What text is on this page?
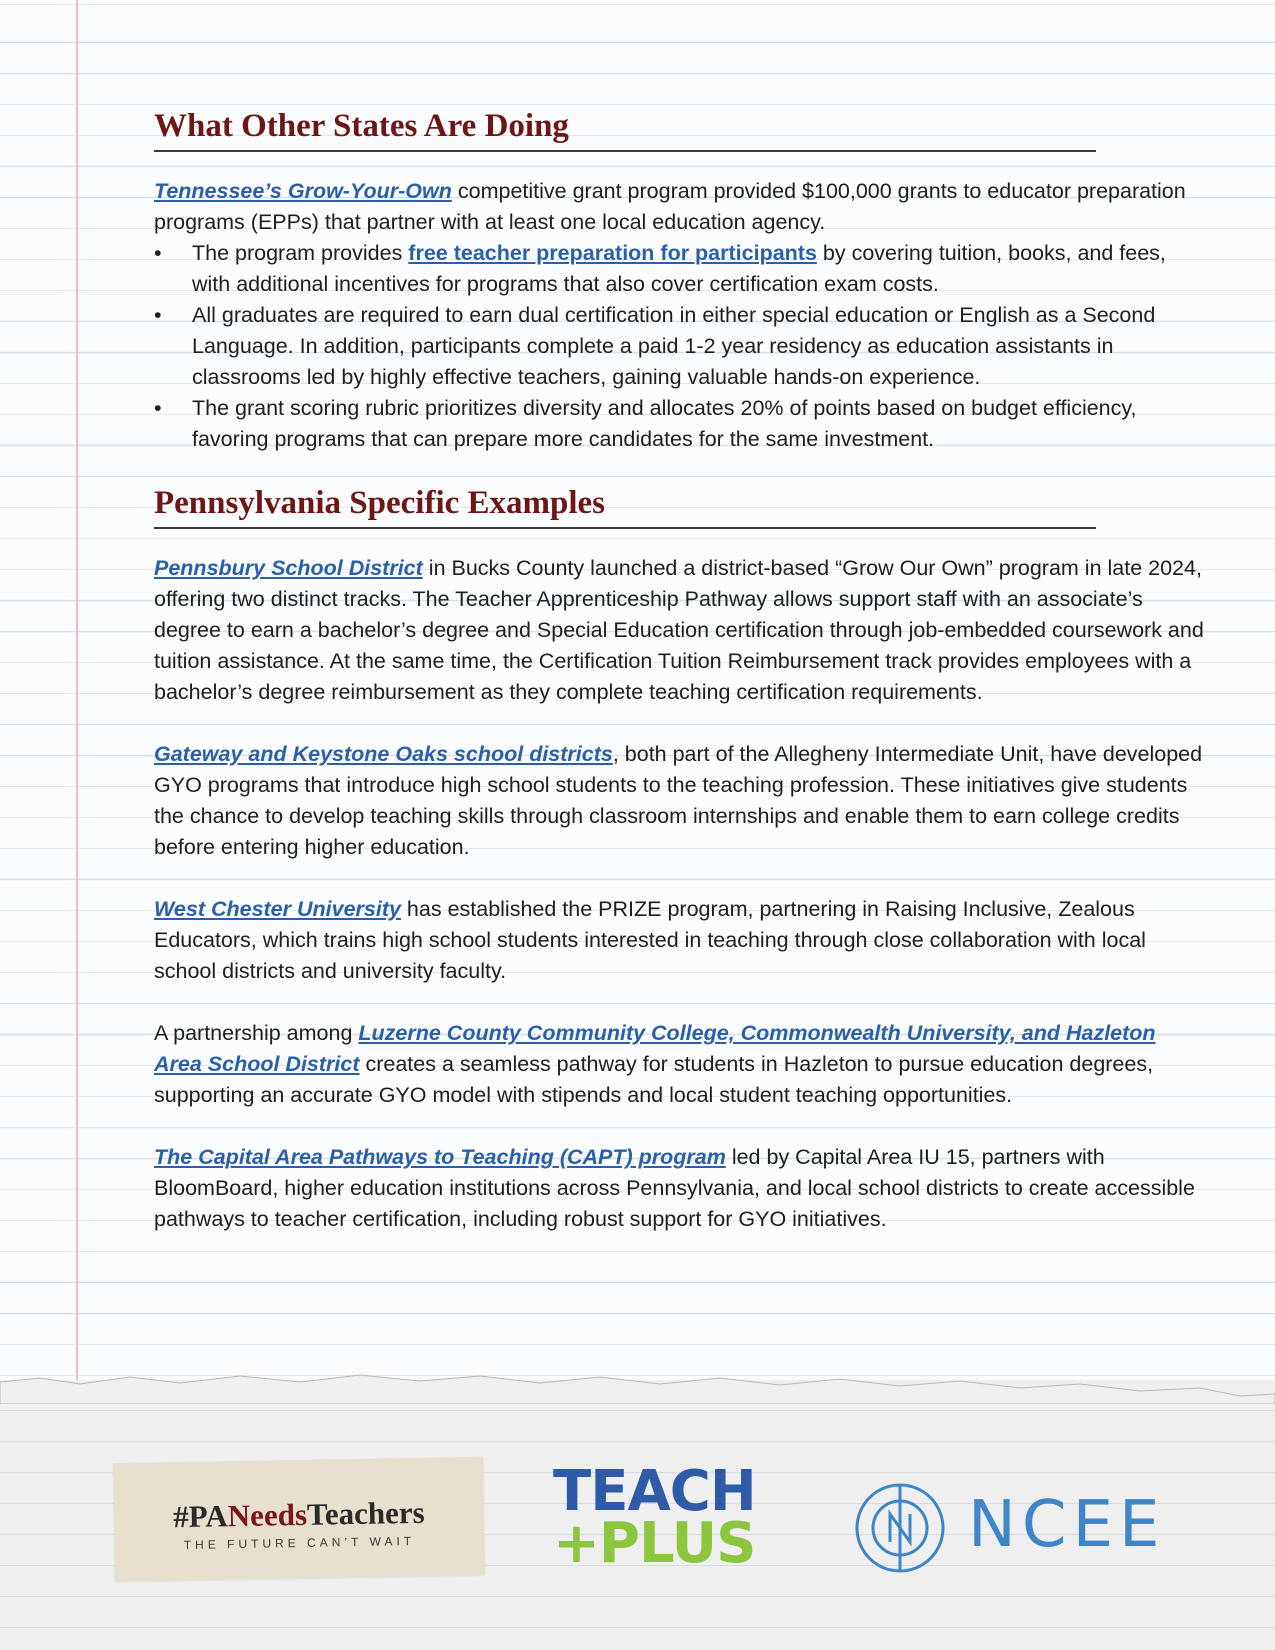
What Other States Are Doing

Tennessee’s Grow-Your-Own competitive grant program provided $100,000 grants to educator preparation programs (EPPs) that partner with at least one local education agency.

• The program provides free teacher preparation for participants by covering tuition, books, and fees, with additional incentives for programs that also cover certification exam costs.
• All graduates are required to earn dual certification in either special education or English as a Second Language. In addition, participants complete a paid 1-2 year residency as education assistants in classrooms led by highly effective teachers, gaining valuable hands-on experience.
• The grant scoring rubric prioritizes diversity and allocates 20% of points based on budget efficiency, favoring programs that can prepare more candidates for the same investment.
Pennsylvania Specific Examples

Pennsbury School District in Bucks County launched a district-based “Grow Our Own” program in late 2024, offering two distinct tracks. The Teacher Apprenticeship Pathway allows support staff with an associate’s degree to earn a bachelor’s degree and Special Education certification through job-embedded coursework and tuition assistance. At the same time, the Certification Tuition Reimbursement track provides employees with a bachelor’s degree reimbursement as they complete teaching certification requirements.

Gateway and Keystone Oaks school districts, both part of the Allegheny Intermediate Unit, have developed GYO programs that introduce high school students to the teaching profession. These initiatives give students the chance to develop teaching skills through classroom internships and enable them to earn college credits before entering higher education.

West Chester University has established the PRIZE program, partnering in Raising Inclusive, Zealous Educators, which trains high school students interested in teaching through close collaboration with local school districts and university faculty.

A partnership among Luzerne County Community College, Commonwealth University, and Hazleton Area School District creates a seamless pathway for students in Hazleton to pursue education degrees, supporting an accurate GYO model with stipends and local student teaching opportunities.

The Capital Area Pathways to Teaching (CAPT) program led by Capital Area IU 15, partners with BloomBoard, higher education institutions across Pennsylvania, and local school districts to create accessible pathways to teacher certification, including robust support for GYO initiatives.

#PANeedsTeachers
THE FUTURE CAN’T WAIT
TEACH
+PLUS	NCEE
